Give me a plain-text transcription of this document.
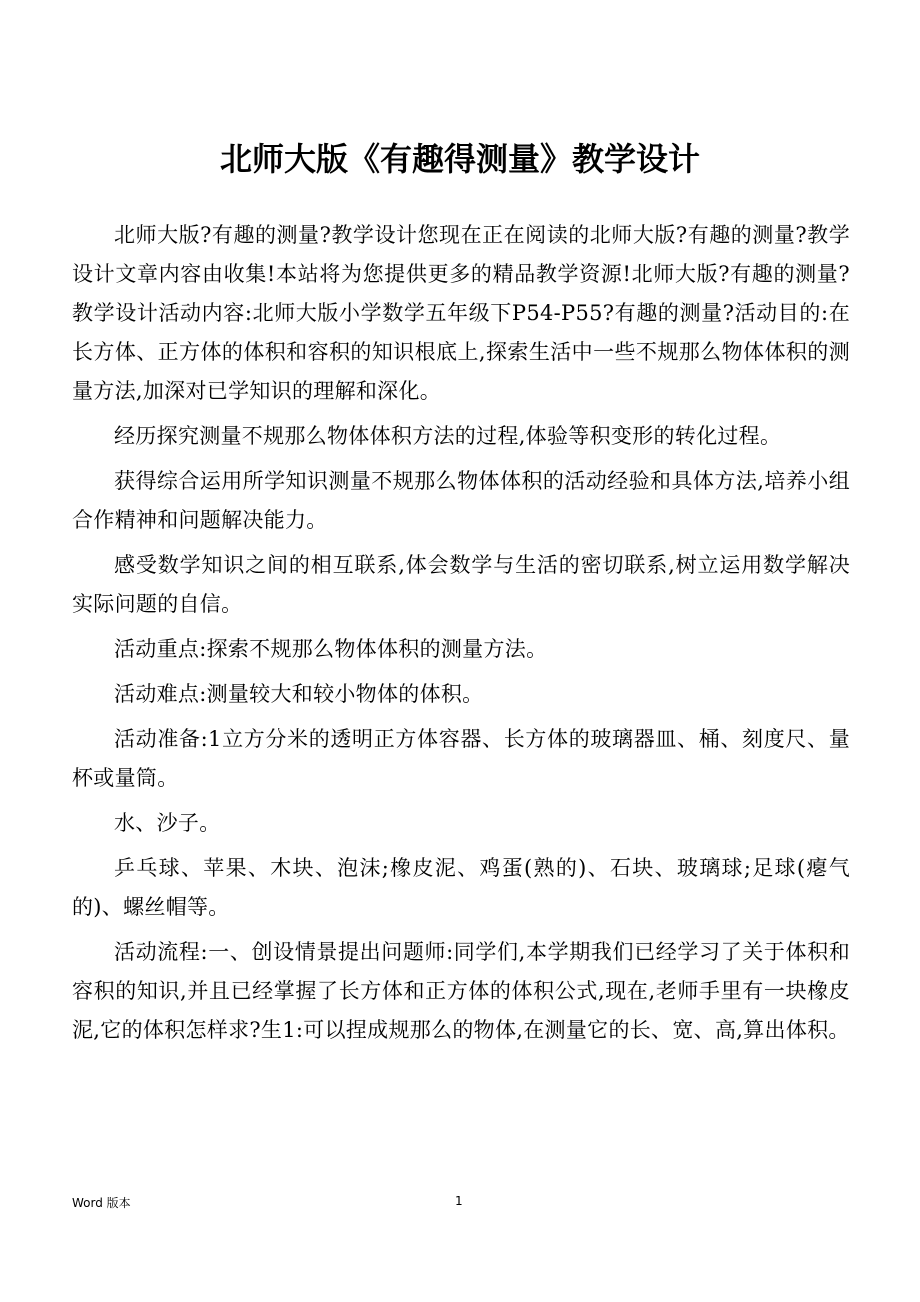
北师大版《有趣得测量》教学设计

北师大版?有趣的测量?教学设计您现在正在阅读的北师大版?有趣的测量?教学设计文章内容由收集!本站将为您提供更多的精品教学资源!北师大版?有趣的测量?教学设计活动内容:北师大版小学数学五年级下P54-P55?有趣的测量?活动目的:在长方体、正方体的体积和容积的知识根底上,探索生活中一些不规那么物体体积的测量方法,加深对已学知识的理解和深化。

经历探究测量不规那么物体体积方法的过程,体验等积变形的转化过程。

获得综合运用所学知识测量不规那么物体体积的活动经验和具体方法,培养小组合作精神和问题解决能力。

感受数学知识之间的相互联系,体会数学与生活的密切联系,树立运用数学解决实际问题的自信。

活动重点:探索不规那么物体体积的测量方法。

活动难点:测量较大和较小物体的体积。

活动准备:1立方分米的透明正方体容器、长方体的玻璃器皿、桶、刻度尺、量杯或量筒。

水、沙子。

乒乓球、苹果、木块、泡沫;橡皮泥、鸡蛋(熟的)、石块、玻璃球;足球(瘪气的)、螺丝帽等。

活动流程:一、创设情景提出问题师:同学们,本学期我们已经学习了关于体积和容积的知识,并且已经掌握了长方体和正方体的体积公式,现在,老师手里有一块橡皮泥,它的体积怎样求?生1:可以捏成规那么的物体,在测量它的长、宽、高,算出体积。

Word 版本	1
